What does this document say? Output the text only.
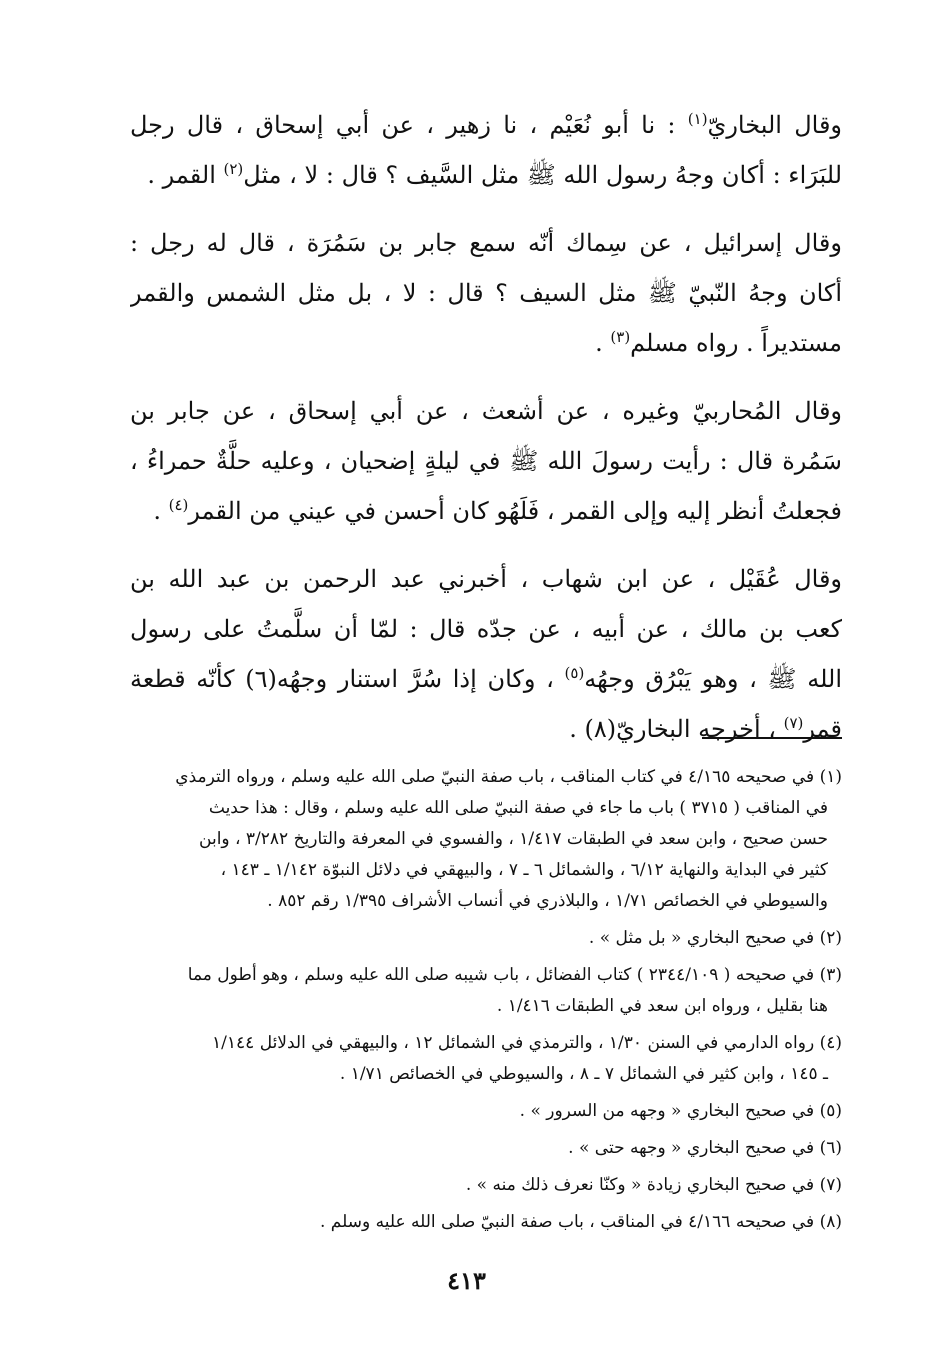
وقال البخاريّ$^{(١)}$ : نا أبو نُعَيْم ، نا زهير ، عن أبي إسحاق ، قال رجل
للبَرَاء : أكان وجهُ رسول الله ﷺ مثل السَّيف ؟ قال : لا ، مثل$^{(٢)}$ القمر .

وقال إسرائيل ، عن سِماك أنّه سمع جابر بن سَمُرَة ، قال له رجل :
أكان وجهُ النّبيّ ﷺ مثل السيف ؟ قال : لا ، بل مثل الشمس والقمر
مستديراً . رواه مسلم$^{(٣)}$ .

وقال المُحاربيّ وغيره ، عن أشعث ، عن أبي إسحاق ، عن جابر بن
سَمُرة قال : رأيت رسولَ الله ﷺ في ليلةٍ إضحيان ، وعليه حلَّةٌ حمراءُ ،
فجعلتُ أنظر إليه وإلى القمر ، فَلَهُو كان أحسن في عيني من القمر$^{(٤)}$ .

وقال عُقَيْل ، عن ابن شهاب ، أخبرني عبد الرحمن بن عبد الله بن
كعب بن مالك ، عن أبيه ، عن جدّه قال : لمّا أن سلَّمتُ على رسول
الله ﷺ ، وهو يَبْرُق وجهُه$^{(٥)}$ ، وكان إذا سُرَّ استنار وجهُه(٦) كأنّه قطعة
قمر$^{(٧)}$ ، أخرجه البخاريّ(٨) .

(١) في صحيحه ٤/١٦٥ في كتاب المناقب ، باب صفة النبيّ صلى الله عليه وسلم ، ورواه الترمذي
في المناقب ( ٣٧١٥ ) باب ما جاء في صفة النبيّ صلى الله عليه وسلم ، وقال : هذا حديث
حسن صحيح ، وابن سعد في الطبقات ١/٤١٧ ، والفسوي في المعرفة والتاريخ ٣/٢٨٢ ، وابن
كثير في البداية والنهاية ٦/١٢ ، والشمائل ٦ ـ ٧ ، والبيهقي في دلائل النبوّة ١/١٤٢ ـ ١٤٣ ،
والسيوطي في الخصائص ١/٧١ ، والبلاذري في أنساب الأشراف ١/٣٩٥ رقم ٨٥٢ .
(٢) في صحيح البخاري « بل مثل » .
(٣) في صحيحه ( ٢٣٤٤/١٠٩ ) كتاب الفضائل ، باب شيبه صلى الله عليه وسلم ، وهو أطول مما
هنا بقليل ، ورواه ابن سعد في الطبقات ١/٤١٦ .
(٤) رواه الدارمي في السنن ١/٣٠ ، والترمذي في الشمائل ١٢ ، والبيهقي في الدلائل ١/١٤٤
ـ ١٤٥ ، وابن كثير في الشمائل ٧ ـ ٨ ، والسيوطي في الخصائص ١/٧١ .
(٥) في صحيح البخاري « وجهه من السرور » .
(٦) في صحيح البخاري « وجهه حتى » .
(٧) في صحيح البخاري زيادة « وكنّا نعرف ذلك منه » .
(٨) في صحيحه ٤/١٦٦ في المناقب ، باب صفة النبيّ صلى الله عليه وسلم .
٤١٣
